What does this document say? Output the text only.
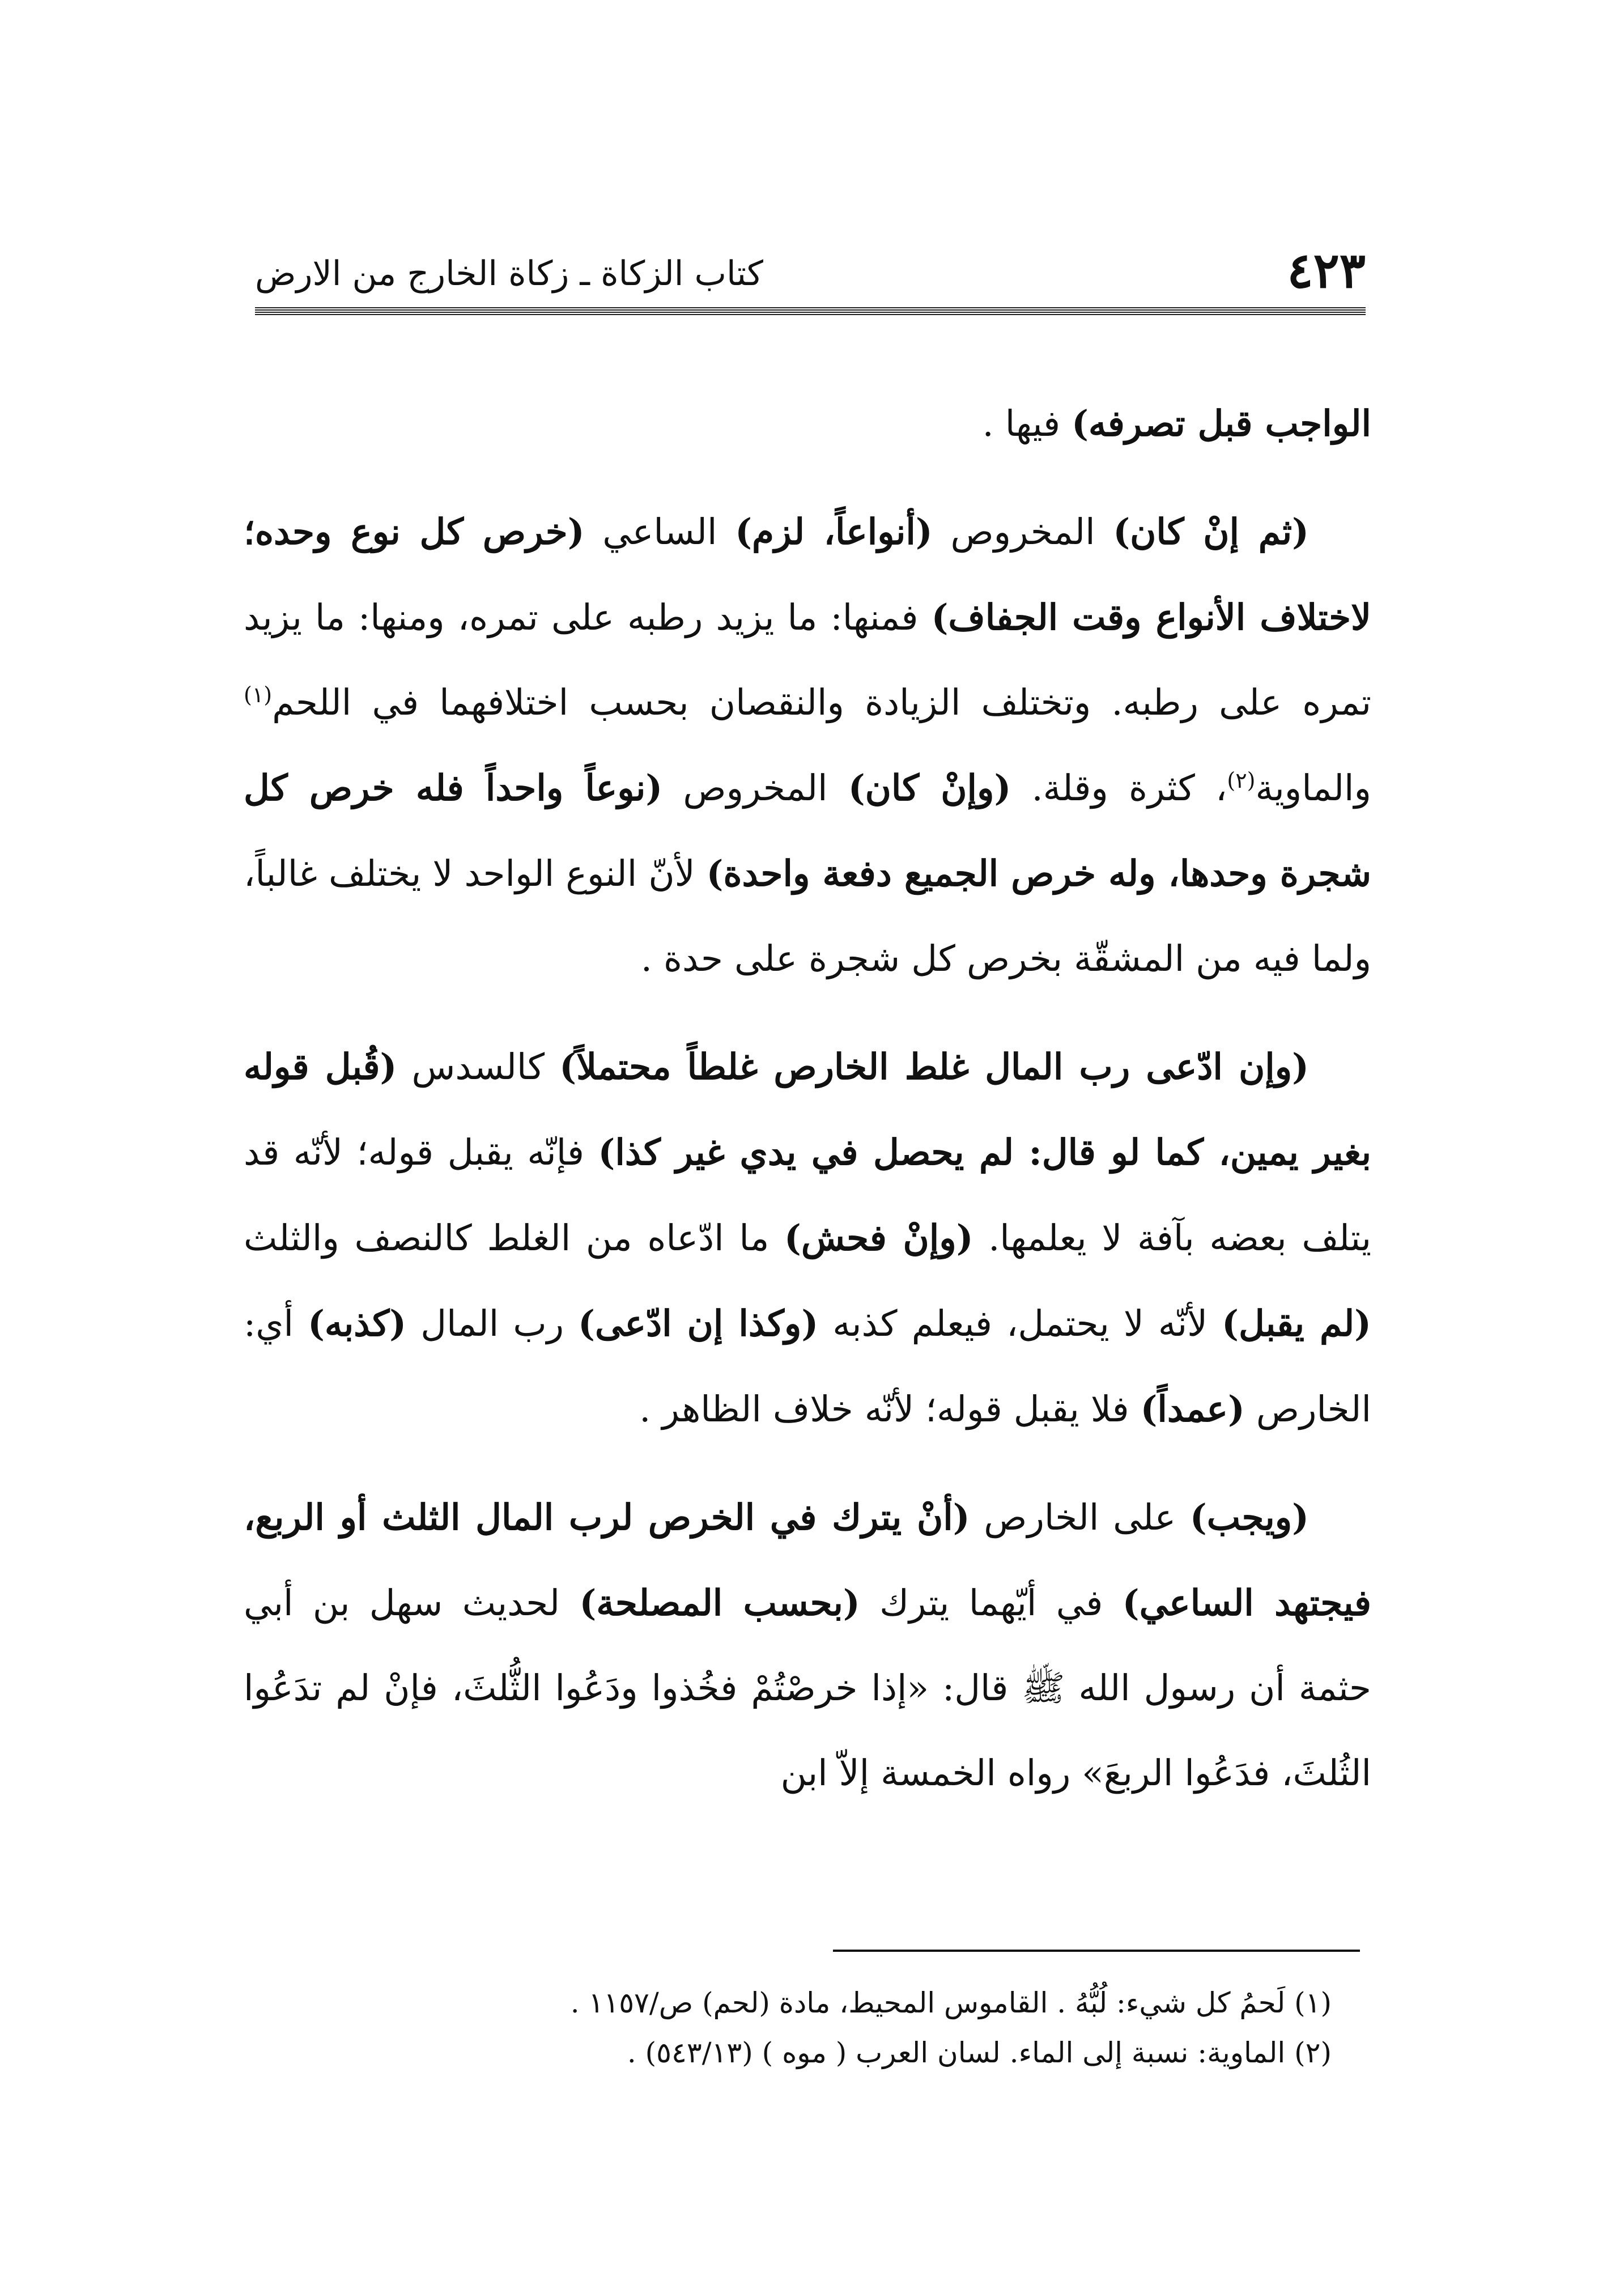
٤٢٣
كتاب الزكاة ـ زكاة الخارج من الارض

الواجب قبل تصرفه) فيها .

(ثم إنْ كان) المخروص (أنواعاً، لزم) الساعي (خرص كل نوع وحده؛ لاختلاف الأنواع وقت الجفاف) فمنها: ما يزيد رطبه على تمره، ومنها: ما يزيد تمره على رطبه. وتختلف الزيادة والنقصان بحسب اختلافهما في اللحم$^{(١)}$ والماوية$^{(٢)}$، كثرة وقلة. (وإنْ كان) المخروص (نوعاً واحداً فله خرص كل شجرة وحدها، وله خرص الجميع دفعة واحدة) لأنّ النوع الواحد لا يختلف غالباً، ولما فيه من المشقّة بخرص كل شجرة على حدة .

(وإن ادّعى رب المال غلط الخارص غلطاً محتملاً) كالسدس (قُبل قوله بغير يمين، كما لو قال: لم يحصل في يدي غير كذا) فإنّه يقبل قوله؛ لأنّه قد يتلف بعضه بآفة لا يعلمها. (وإنْ فحش) ما ادّعاه من الغلط كالنصف والثلث (لم يقبل) لأنّه لا يحتمل، فيعلم كذبه (وكذا إن ادّعى) رب المال (كذبه) أي: الخارص (عمداً) فلا يقبل قوله؛ لأنّه خلاف الظاهر .

(ويجب) على الخارص (أنْ يترك في الخرص لرب المال الثلث أو الربع، فيجتهد الساعي) في أيّهما يترك (بحسب المصلحة) لحديث سهل بن أبي حثمة أن رسول الله ﷺ قال: «إذا خرصْتُمْ فخُذوا ودَعُوا الثُّلثَ، فإنْ لم تدَعُوا الثُلثَ، فدَعُوا الربعَ» رواه الخمسة إلاّ ابن

(١) لَحمُ كل شيء: لُبُّهُ . القاموس المحيط، مادة (لحم) ص/١١٥٧ .

(٢) الماوية: نسبة إلى الماء. لسان العرب ( موه ) (٥٤٣/١٣) .
